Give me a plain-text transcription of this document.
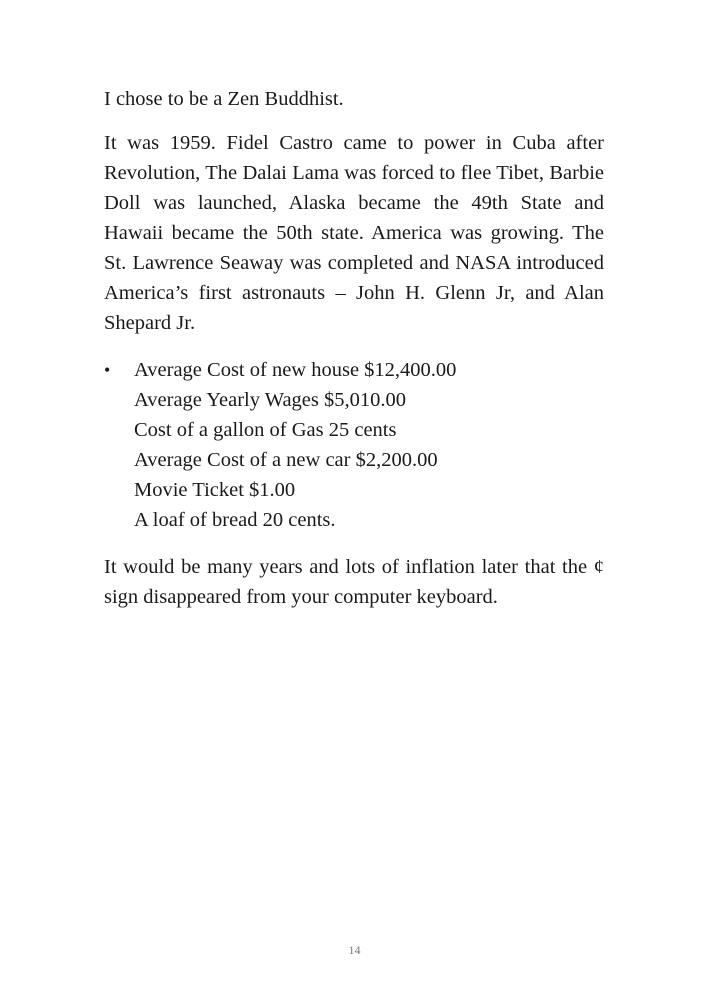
I chose to be a Zen Buddhist.
It was 1959. Fidel Castro came to power in Cuba after Revolution, The Dalai Lama was forced to flee Tibet, Barbie Doll was launched, Alaska became the 49th State and Hawaii became the 50th state. America was growing. The St. Lawrence Seaway was completed and NASA introduced America’s first astronauts – John H. Glenn Jr, and Alan Shepard Jr.
•	Average Cost of new house $12,400.00
Average Yearly Wages $5,010.00
Cost of a gallon of Gas 25 cents
Average Cost of a new car $2,200.00
Movie Ticket $1.00
A loaf of bread 20 cents.
It would be many years and lots of inflation later that the ¢ sign disappeared from your computer keyboard.
14
